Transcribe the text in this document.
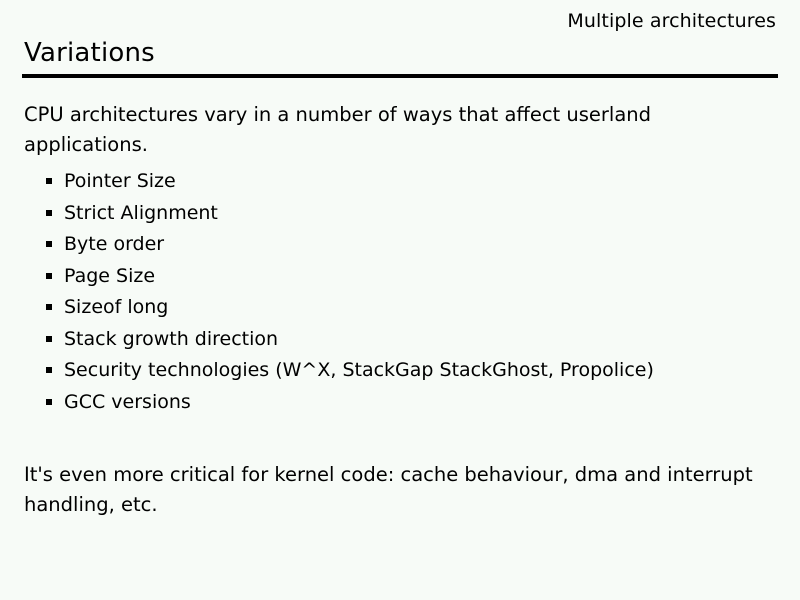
Multiple architectures
Variations
CPU architectures vary in a number of ways that affect userland applications.
Pointer Size
Strict Alignment
Byte order
Page Size
Sizeof long
Stack growth direction
Security technologies (W^X, StackGap StackGhost, Propolice)
GCC versions
It's even more critical for kernel code: cache behaviour, dma and interrupt handling, etc.
